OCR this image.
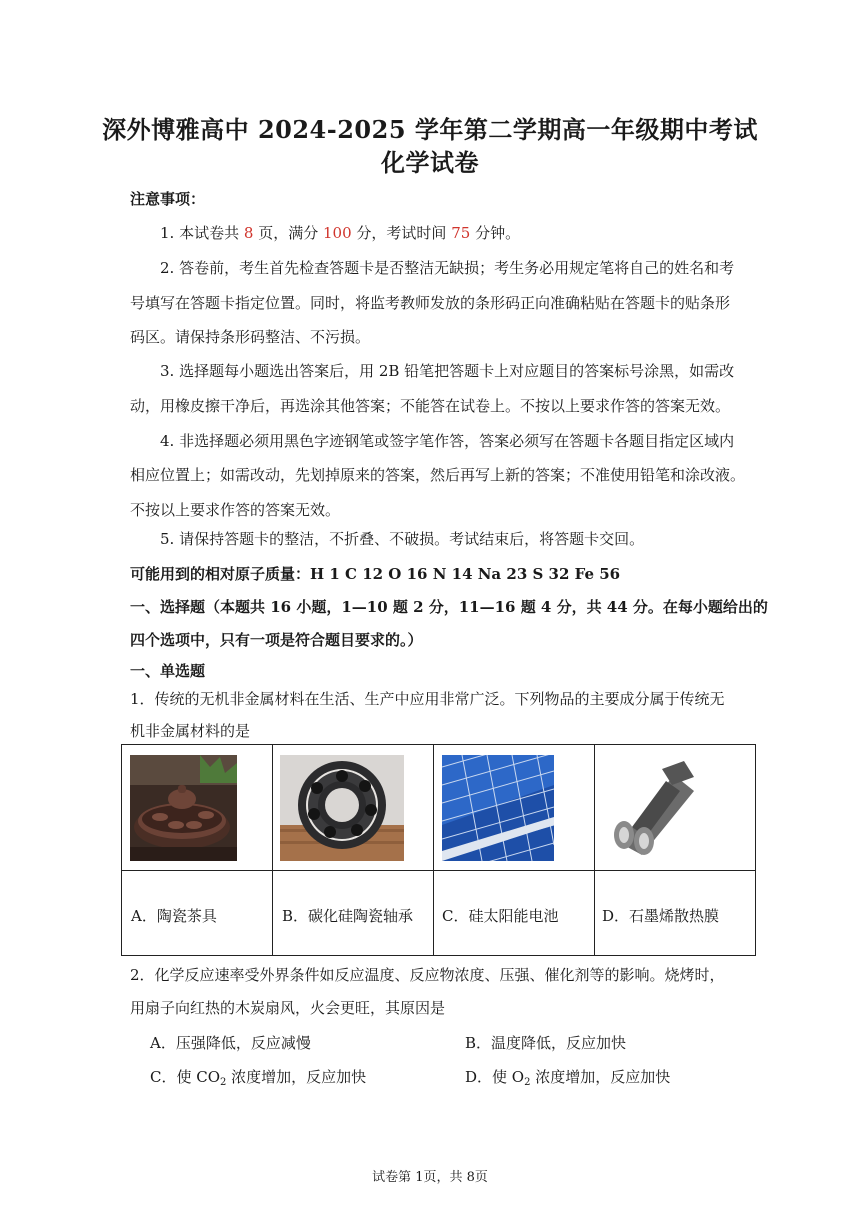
深外博雅高中 2024-2025 学年第二学期高一年级期中考试
化学试卷
注意事项：
1. 本试卷共 8 页，满分 100 分，考试时间 75 分钟。
2. 答卷前，考生首先检查答题卡是否整洁无缺损；考生务必用规定笔将自己的姓名和考
号填写在答题卡指定位置。同时，将监考教师发放的条形码正向准确粘贴在答题卡的贴条形
码区。请保持条形码整洁、不污损。
3. 选择题每小题选出答案后，用 2B 铅笔把答题卡上对应题目的答案标号涂黑，如需改
动，用橡皮擦干净后，再选涂其他答案；不能答在试卷上。不按以上要求作答的答案无效。
4. 非选择题必须用黑色字迹钢笔或签字笔作答，答案必须写在答题卡各题目指定区域内
相应位置上；如需改动，先划掉原来的答案，然后再写上新的答案；不准使用铅笔和涂改液。
不按以上要求作答的答案无效。
5. 请保持答题卡的整洁，不折叠、不破损。考试结束后，将答题卡交回。
可能用到的相对原子质量：H 1 C 12 O 16 N 14 Na 23 S 32 Fe 56
一、选择题（本题共 16 小题，1—10 题 2 分，11—16 题 4 分，共 44 分。在每小题给出的
四个选项中，只有一项是符合题目要求的。）
一、单选题
1．传统的无机非金属材料在生活、生产中应用非常广泛。下列物品的主要成分属于传统无
机非金属材料的是
A．陶瓷茶具	B．碳化硅陶瓷轴承 C．硅太阳能电池	D．石墨烯散热膜
2．化学反应速率受外界条件如反应温度、反应物浓度、压强、催化剂等的影响。烧烤时，
用扇子向红热的木炭扇风，火会更旺，其原因是
A．压强降低，反应减慢	B．温度降低，反应加快
C．使 $CO_2$ 浓度增加，反应加快	D．使 $O_2$ 浓度增加，反应加快
试卷第 1页，共 8页
